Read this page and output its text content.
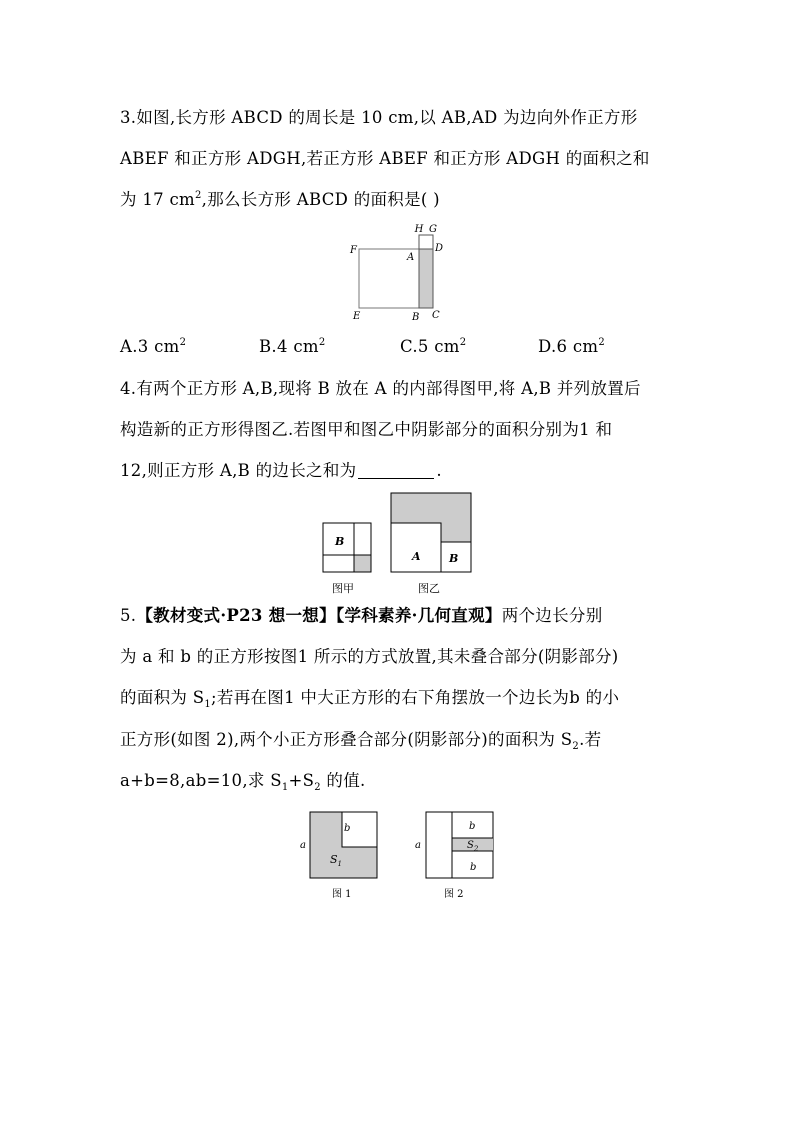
3.如图,长方形 ABCD 的周长是 10 cm,以 AB,AD 为边向外作正方形

ABEF 和正方形 ADGH,若正方形 ABEF 和正方形 ADGH 的面积之和

为 17 $cm^2$,那么长方形 ABCD 的面积是( )

H G
F	D
A
E	B C
A.3 $cm^2$	B.4 $cm^2$	C.5 $cm^2$	D.6 $cm^2$

4.有两个正方形 A,B,现将 B 放在 A 的内部得图甲,将 A,B 并列放置后

构造新的正方形得图乙.若图甲和图乙中阴影部分的面积分别为1 和

12,则正方形 A,B 的边长之和为	.

B
图甲
A	B
图乙

5.【教材变式·P23 想一想】【学科素养·几何直观】两个边长分别

为 a 和 b 的正方形按图1 所示的方式放置,其未叠合部分(阴影部分)

的面积为 $S_1$;若再在图1 中大正方形的右下角摆放一个边长为b 的小

正方形(如图 2),两个小正方形叠合部分(阴影部分)的面积为 $S_2$.若

a+b=8,ab=10,求 $S_1+S_2$ 的值.

a
b
$S_1$
图 1
a
b
$S_2$
b
图 2
